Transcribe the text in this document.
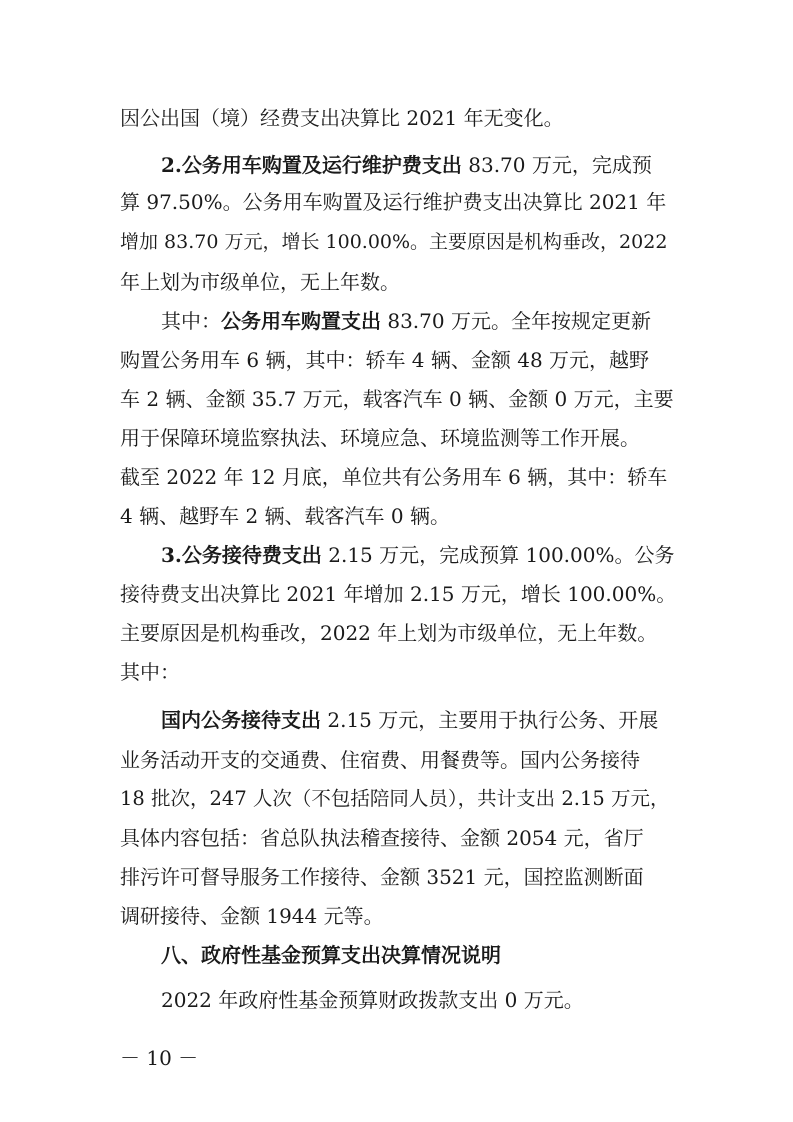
因公出国（境）经费支出决算比 2021 年无变化。
2.公务用车购置及运行维护费支出 83.70 万元，完成预
算 97.50%。公务用车购置及运行维护费支出决算比 2021 年
增加 83.70 万元，增长 100.00%。主要原因是机构垂改，2022
年上划为市级单位，无上年数。
其中：公务用车购置支出 83.70 万元。全年按规定更新
购置公务用车 6 辆，其中：轿车 4 辆、金额 48 万元，越野
车 2 辆、金额 35.7 万元，载客汽车 0 辆、金额 0 万元，主要
用于保障环境监察执法、环境应急、环境监测等工作开展。
截至 2022 年 12 月底，单位共有公务用车 6 辆，其中：轿车
4 辆、越野车 2 辆、载客汽车 0 辆。
3.公务接待费支出 2.15 万元，完成预算 100.00%。公务
接待费支出决算比 2021 年增加 2.15 万元，增长 100.00%。
主要原因是机构垂改，2022 年上划为市级单位，无上年数。
其中：
国内公务接待支出 2.15 万元，主要用于执行公务、开展
业务活动开支的交通费、住宿费、用餐费等。国内公务接待
18 批次，247 人次（不包括陪同人员），共计支出 2.15 万元，
具体内容包括：省总队执法稽查接待、金额 2054 元，省厅
排污许可督导服务工作接待、金额 3521 元，国控监测断面
调研接待、金额 1944 元等。
八、政府性基金预算支出决算情况说明
2022 年政府性基金预算财政拨款支出 0 万元。
－ 10 －
